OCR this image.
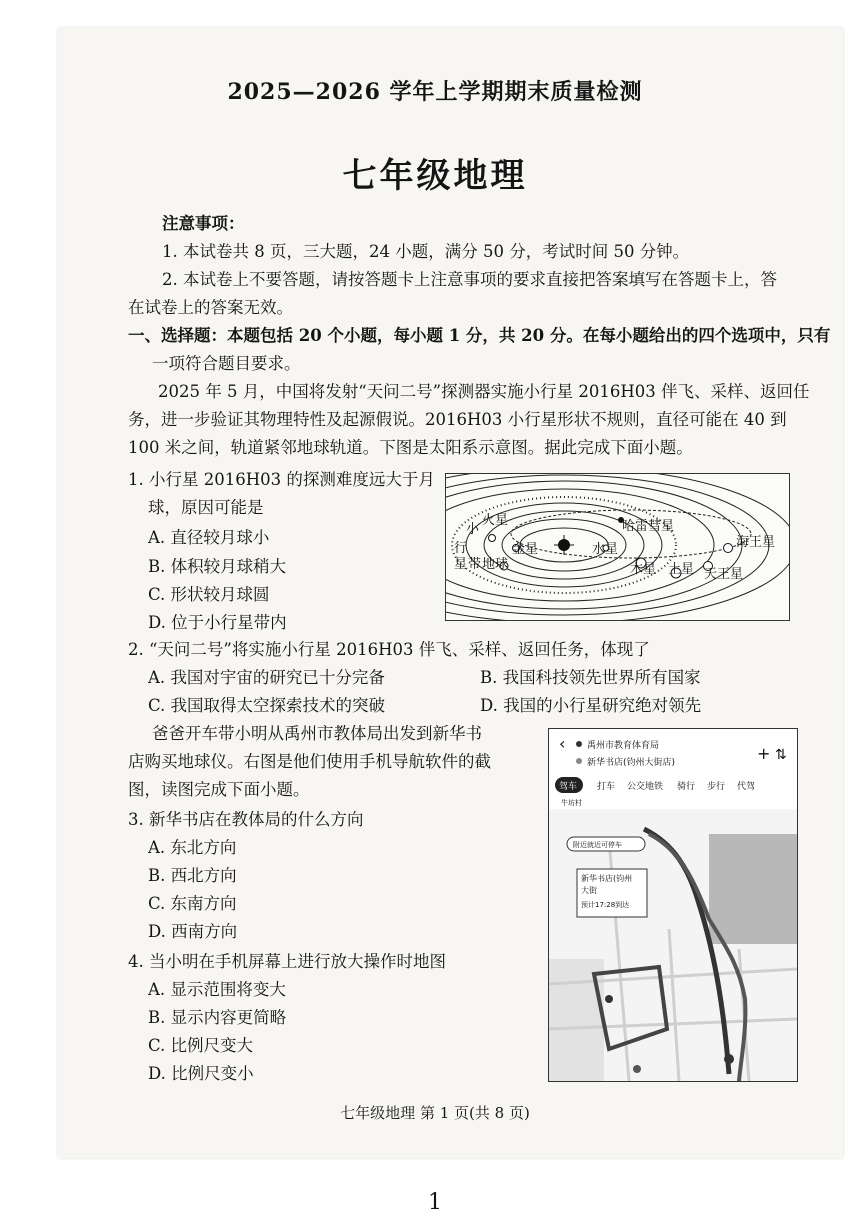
2025—2026 学年上学期期末质量检测
七年级地理
注意事项：
1. 本试卷共 8 页，三大题，24 小题，满分 50 分，考试时间 50 分钟。
2. 本试卷上不要答题，请按答题卡上注意事项的要求直接把答案填写在答题卡上，答
在试卷上的答案无效。
一、选择题：本题包括 20 个小题，每小题 1 分，共 20 分。在每小题给出的四个选项中，只有
一项符合题目要求。
2025 年 5 月，中国将发射“天问二号”探测器实施小行星 2016H03 伴飞、采样、返回任
务，进一步验证其物理特性及起源假说。2016H03 小行星形状不规则，直径可能在 40 到
100 米之间，轨道紧邻地球轨道。下图是太阳系示意图。据此完成下面小题。
1. 小行星 2016H03 的探测难度远大于月
球，原因可能是
A. 直径较月球小
B. 体积较月球稍大
C. 形状较月球圆
D. 位于小行星带内
小
火星
行
星 带 地球
金星	水星
哈雷彗星
海王星
木星 土星 天王星
2. “天问二号”将实施小行星 2016H03 伴飞、采样、返回任务，体现了
A. 我国对宇宙的研究已十分完备	B. 我国科技领先世界所有国家
C. 我国取得太空探索技术的突破	D. 我国的小行星研究绝对领先
爸爸开车带小明从禹州市教体局出发到新华书
店购买地球仪。右图是他们使用手机导航软件的截
图，读图完成下面小题。
3. 新华书店在教体局的什么方向
A. 东北方向
B. 西北方向
C. 东南方向
D. 西南方向
4. 当小明在手机屏幕上进行放大操作时地图
A. 显示范围将变大
B. 显示内容更简略
C. 比例尺变大
D. 比例尺变小
‹ 禹州市教育体育局
新华书店(钧州大街店)	+ ⇅
驾车 打车 公交地铁 骑行 步行 代驾
牛坊村
附近就近可停车
新华书店(钧州
大街
预计17:28到达
七年级地理 第 1 页(共 8 页)
1
